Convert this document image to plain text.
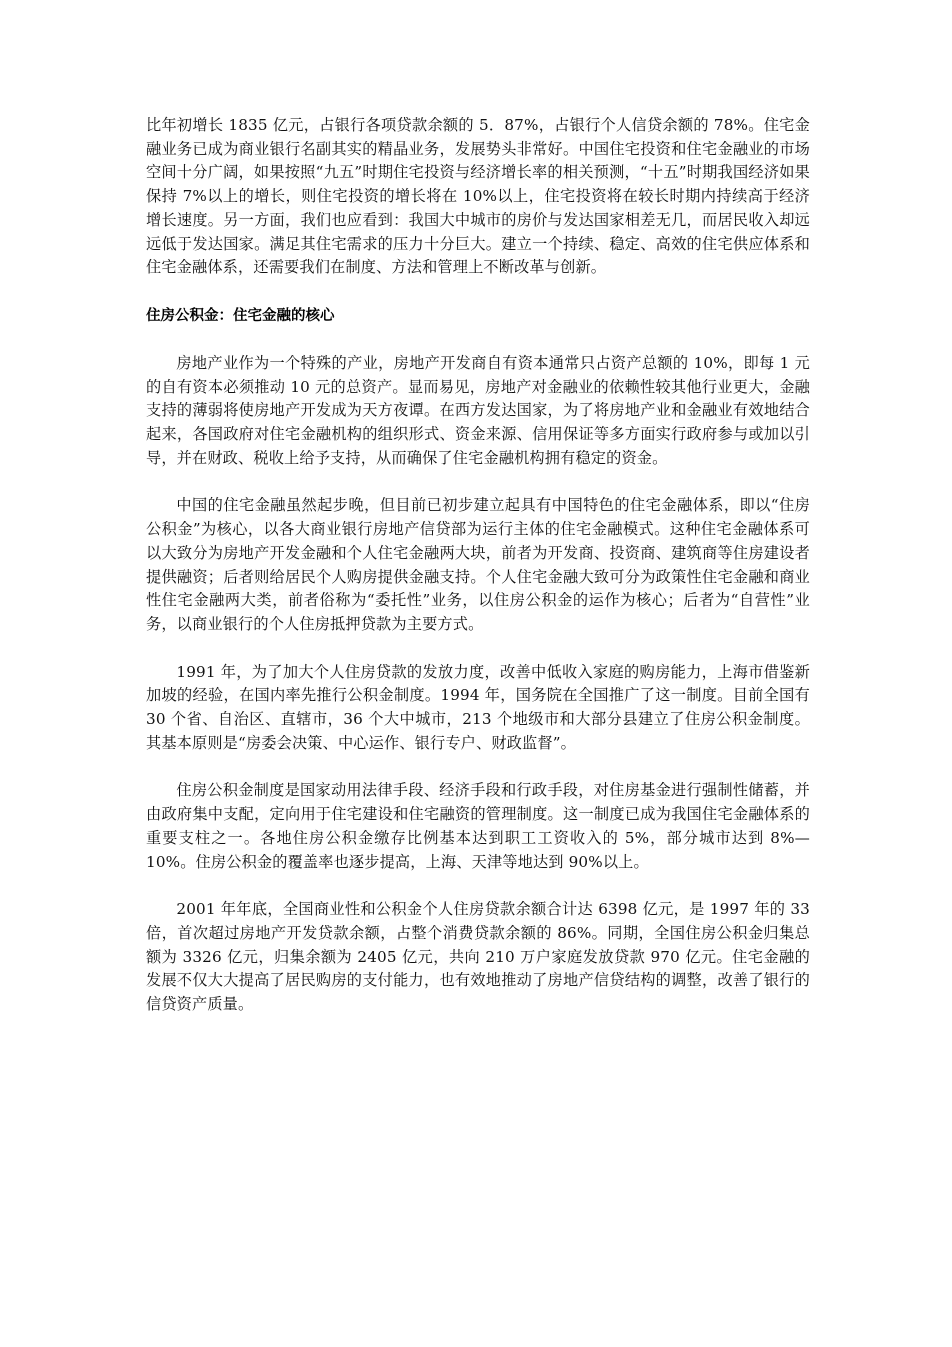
比年初增长 1835 亿元，占银行各项贷款余额的 5．87%，占银行个人信贷余额的 78%。住宅金融业务已成为商业银行名副其实的精晶业务，发展势头非常好。中国住宅投资和住宅金融业的市场空间十分广阔，如果按照“九五”时期住宅投资与经济增长率的相关预测，“十五”时期我国经济如果保持 7%以上的增长，则住宅投资的增长将在 10%以上，住宅投资将在较长时期内持续高于经济增长速度。另一方面，我们也应看到：我国大中城市的房价与发达国家相差无几，而居民收入却远远低于发达国家。满足其住宅需求的压力十分巨大。建立一个持续、稳定、高效的住宅供应体系和住宅金融体系，还需要我们在制度、方法和管理上不断改革与创新。

住房公积金：住宅金融的核心

房地产业作为一个特殊的产业，房地产开发商自有资本通常只占资产总额的 10%，即每 1 元的自有资本必须推动 10 元的总资产。显而易见，房地产对金融业的依赖性较其他行业更大，金融支持的薄弱将使房地产开发成为天方夜谭。在西方发达国家，为了将房地产业和金融业有效地结合起来，各国政府对住宅金融机构的组织形式、资金来源、信用保证等多方面实行政府参与或加以引导，并在财政、税收上给予支持，从而确保了住宅金融机构拥有稳定的资金。

中国的住宅金融虽然起步晚，但目前已初步建立起具有中国特色的住宅金融体系，即以“住房公积金”为核心，以各大商业银行房地产信贷部为运行主体的住宅金融模式。这种住宅金融体系可以大致分为房地产开发金融和个人住宅金融两大块，前者为开发商、投资商、建筑商等住房建设者提供融资；后者则给居民个人购房提供金融支持。个人住宅金融大致可分为政策性住宅金融和商业性住宅金融两大类，前者俗称为“委托性”业务，以住房公积金的运作为核心；后者为“自营性”业务，以商业银行的个人住房抵押贷款为主要方式。

1991 年，为了加大个人住房贷款的发放力度，改善中低收入家庭的购房能力，上海市借鉴新加坡的经验，在国内率先推行公积金制度。1994 年，国务院在全国推广了这一制度。目前全国有 30 个省、自治区、直辖市，36 个大中城市，213 个地级市和大部分县建立了住房公积金制度。其基本原则是“房委会决策、中心运作、银行专户、财政监督”。

住房公积金制度是国家动用法律手段、经济手段和行政手段，对住房基金进行强制性储蓄，并由政府集中支配，定向用于住宅建设和住宅融资的管理制度。这一制度已成为我国住宅金融体系的重要支柱之一。各地住房公积金缴存比例基本达到职工工资收入的 5%，部分城市达到 8%—10%。住房公积金的覆盖率也逐步提高，上海、天津等地达到 90%以上。

2001 年年底，全国商业性和公积金个人住房贷款余额合计达 6398 亿元，是 1997 年的 33 倍，首次超过房地产开发贷款余额，占整个消费贷款余额的 86%。同期，全国住房公积金归集总额为 3326 亿元，归集余额为 2405 亿元，共向 210 万户家庭发放贷款 970 亿元。住宅金融的发展不仅大大提高了居民购房的支付能力，也有效地推动了房地产信贷结构的调整，改善了银行的信贷资产质量。
